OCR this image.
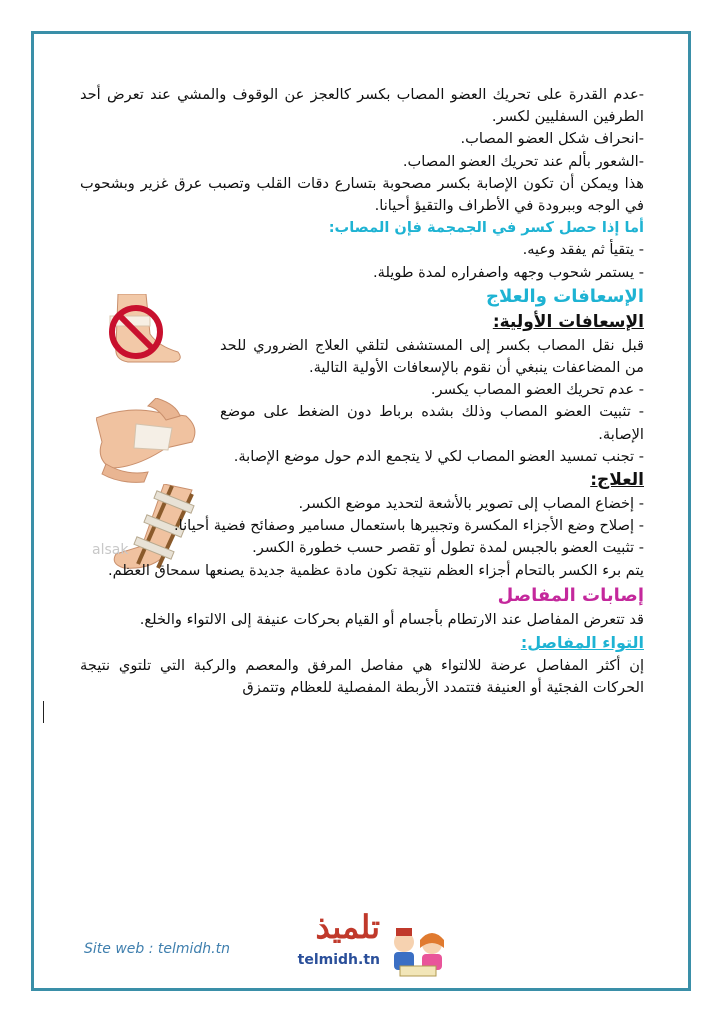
alsak

-عدم القدرة على تحريك العضو المصاب بكسر كالعجز عن الوقوف والمشي عند تعرض أحد الطرفين السفليين لكسر.

-انحراف شكل العضو المصاب.

-الشعور بألم عند تحريك العضو المصاب.

هذا ويمكن أن تكون الإصابة بكسر مصحوبة بتسارع دقات القلب وتصبب عرق غزير وبشحوب في الوجه وببرودة في الأطراف والتقيؤ أحيانا.

أما إذا حصل كسر في الجمجمة فإن المصاب:

- يتقيأ ثم يفقد وعيه.

- يستمر شحوب وجهه واصفراره لمدة طويلة.

الإسعافات والعلاج

الإسعافات الأولية:

قبل نقل المصاب بكسر إلى المستشفى لتلقي العلاج الضروري للحد من المضاعفات ينبغي أن نقوم بالإسعافات الأولية التالية.

- عدم تحريك العضو المصاب يكسر.

- تثبيت العضو المصاب وذلك بشده برباط دون الضغط على موضع الإصابة.

- تجنب تمسيد العضو المصاب لكي لا يتجمع الدم حول موضع الإصابة.

العلاج:

- إخضاع المصاب إلى تصوير بالأشعة لتحديد موضع الكسر.

- إصلاح وضع الأجزاء المكسرة وتجبيرها باستعمال مسامير وصفائح فضية أحيانا.

- تثبيت العضو بالجبس لمدة تطول أو تقصر حسب خطورة الكسر.

يتم برء الكسر بالتحام أجزاء العظم نتيجة تكون مادة عظمية جديدة يصنعها سمحاق العظم.

إصابات المفاصل

قد تتعرض المفاصل عند الارتطام بأجسام أو القيام بحركات عنيفة إلى الالتواء والخلع.

التواء المفاصل:

إن أكثر المفاصل عرضة للالتواء هي مفاصل المرفق والمعصم والركبة التي تلتوي نتيجة الحركات الفجئية أو العنيفة فتتمدد الأربطة المفصلية للعظام وتتمزق

Site web : telmidh.tn
تلميذ
telmidh.tn
